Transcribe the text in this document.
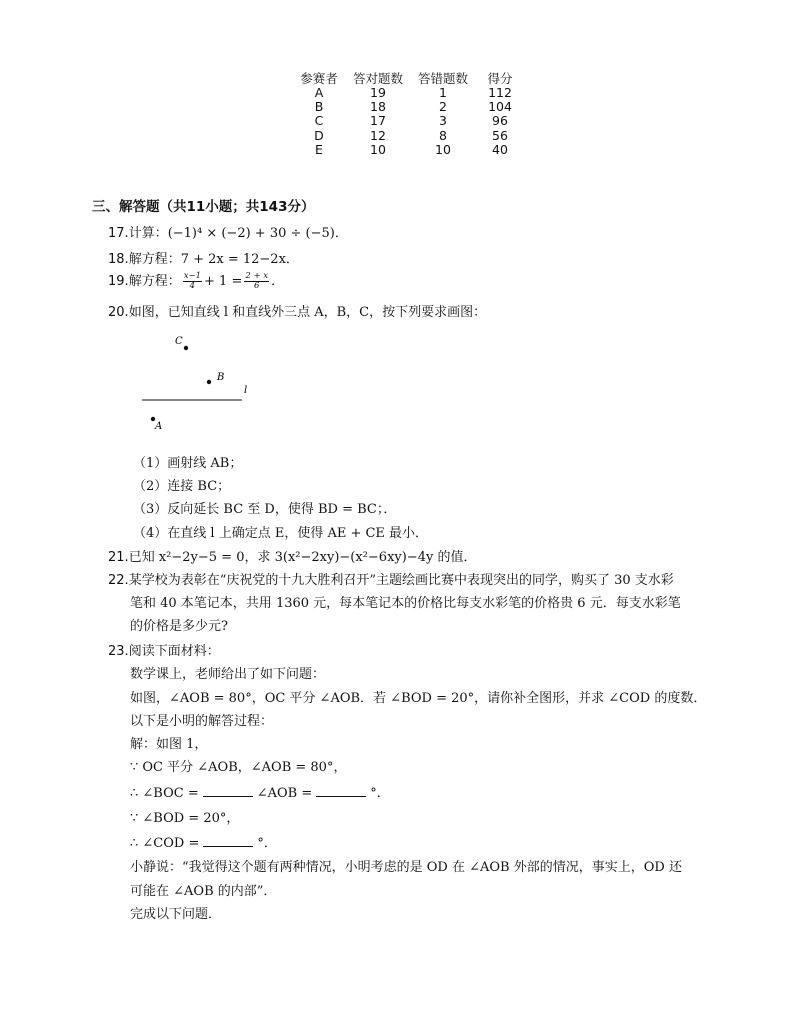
参赛者	答对题数	答错题数	得分
A	19	1	112
B	18	2	104
C	17	3	96
D	12	8	56
E	10	10	40
三、解答题（共11小题；共143分）
17.计算：(−1)⁴ × (−2) + 30 ÷ (−5)．
18.解方程：7 + 2x = 12−2x．
19.解方程： $\frac{x-1}{4} + 1 = \frac{2 + x}{6}$ ．
20.如图，已知直线 l 和直线外三点 A，B，C，按下列要求画图：
C
B
l
A
（1）画射线 AB；
（2）连接 BC；
（3）反向延长 BC 至 D，使得 BD = BC；．
（4）在直线 l 上确定点 E，使得 AE + CE 最小．
21.已知 x²−2y−5 = 0，求 3(x²−2xy)−(x²−6xy)−4y 的值．
22.某学校为表彰在“庆祝党的十九大胜利召开”主题绘画比赛中表现突出的同学，购买了 30 支水彩
笔和 40 本笔记本，共用 1360 元，每本笔记本的价格比每支水彩笔的价格贵 6 元．每支水彩笔
的价格是多少元?
23.阅读下面材料：
数学课上，老师给出了如下问题：
如图，∠AOB = 80°，OC 平分 ∠AOB．若 ∠BOD = 20°，请你补全图形，并求 ∠COD 的度数．
以下是小明的解答过程：
解：如图 1，
∵ OC 平分 ∠AOB，∠AOB = 80°，
∴ ∠BOC =	∠AOB =	°．
∵ ∠BOD = 20°，
∴ ∠COD =	°．
小静说：“我觉得这个题有两种情况，小明考虑的是 OD 在 ∠AOB 外部的情况，事实上，OD 还
可能在 ∠AOB 的内部”．
完成以下问题．
